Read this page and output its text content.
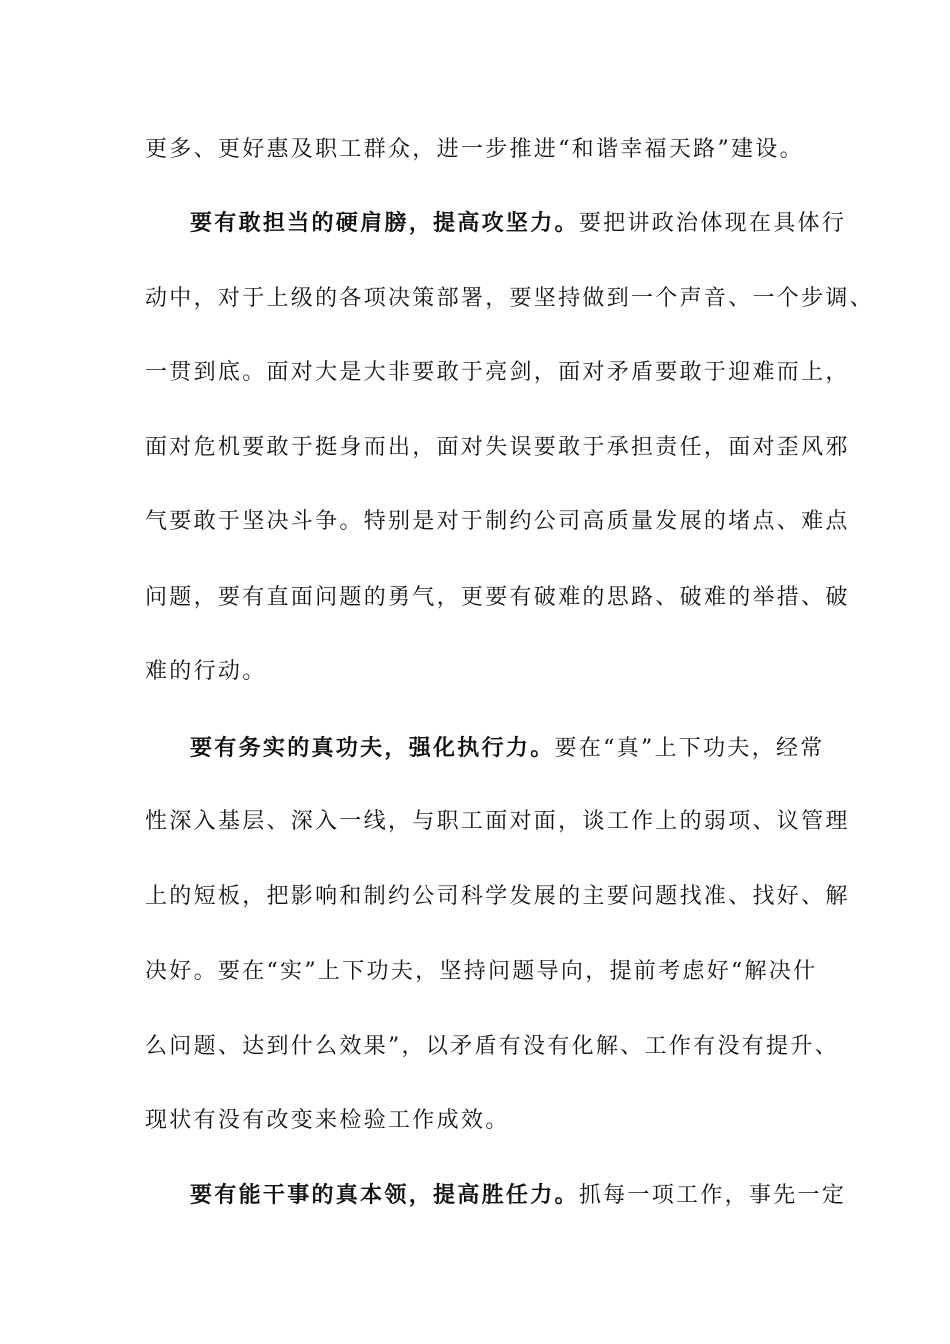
更多、更好惠及职工群众，进一步推进“和谐幸福天路”建设。
要有敢担当的硬肩膀，提高攻坚力。要把讲政治体现在具体行
动中，对于上级的各项决策部署，要坚持做到一个声音、一个步调、
一贯到底。面对大是大非要敢于亮剑，面对矛盾要敢于迎难而上，
面对危机要敢于挺身而出，面对失误要敢于承担责任，面对歪风邪
气要敢于坚决斗争。特别是对于制约公司高质量发展的堵点、难点
问题，要有直面问题的勇气，更要有破难的思路、破难的举措、破
难的行动。
要有务实的真功夫，强化执行力。要在“真”上下功夫，经常
性深入基层、深入一线，与职工面对面，谈工作上的弱项、议管理
上的短板，把影响和制约公司科学发展的主要问题找准、找好、解
决好。要在“实”上下功夫，坚持问题导向，提前考虑好“解决什
么问题、达到什么效果”，以矛盾有没有化解、工作有没有提升、
现状有没有改变来检验工作成效。
要有能干事的真本领，提高胜任力。抓每一项工作，事先一定
